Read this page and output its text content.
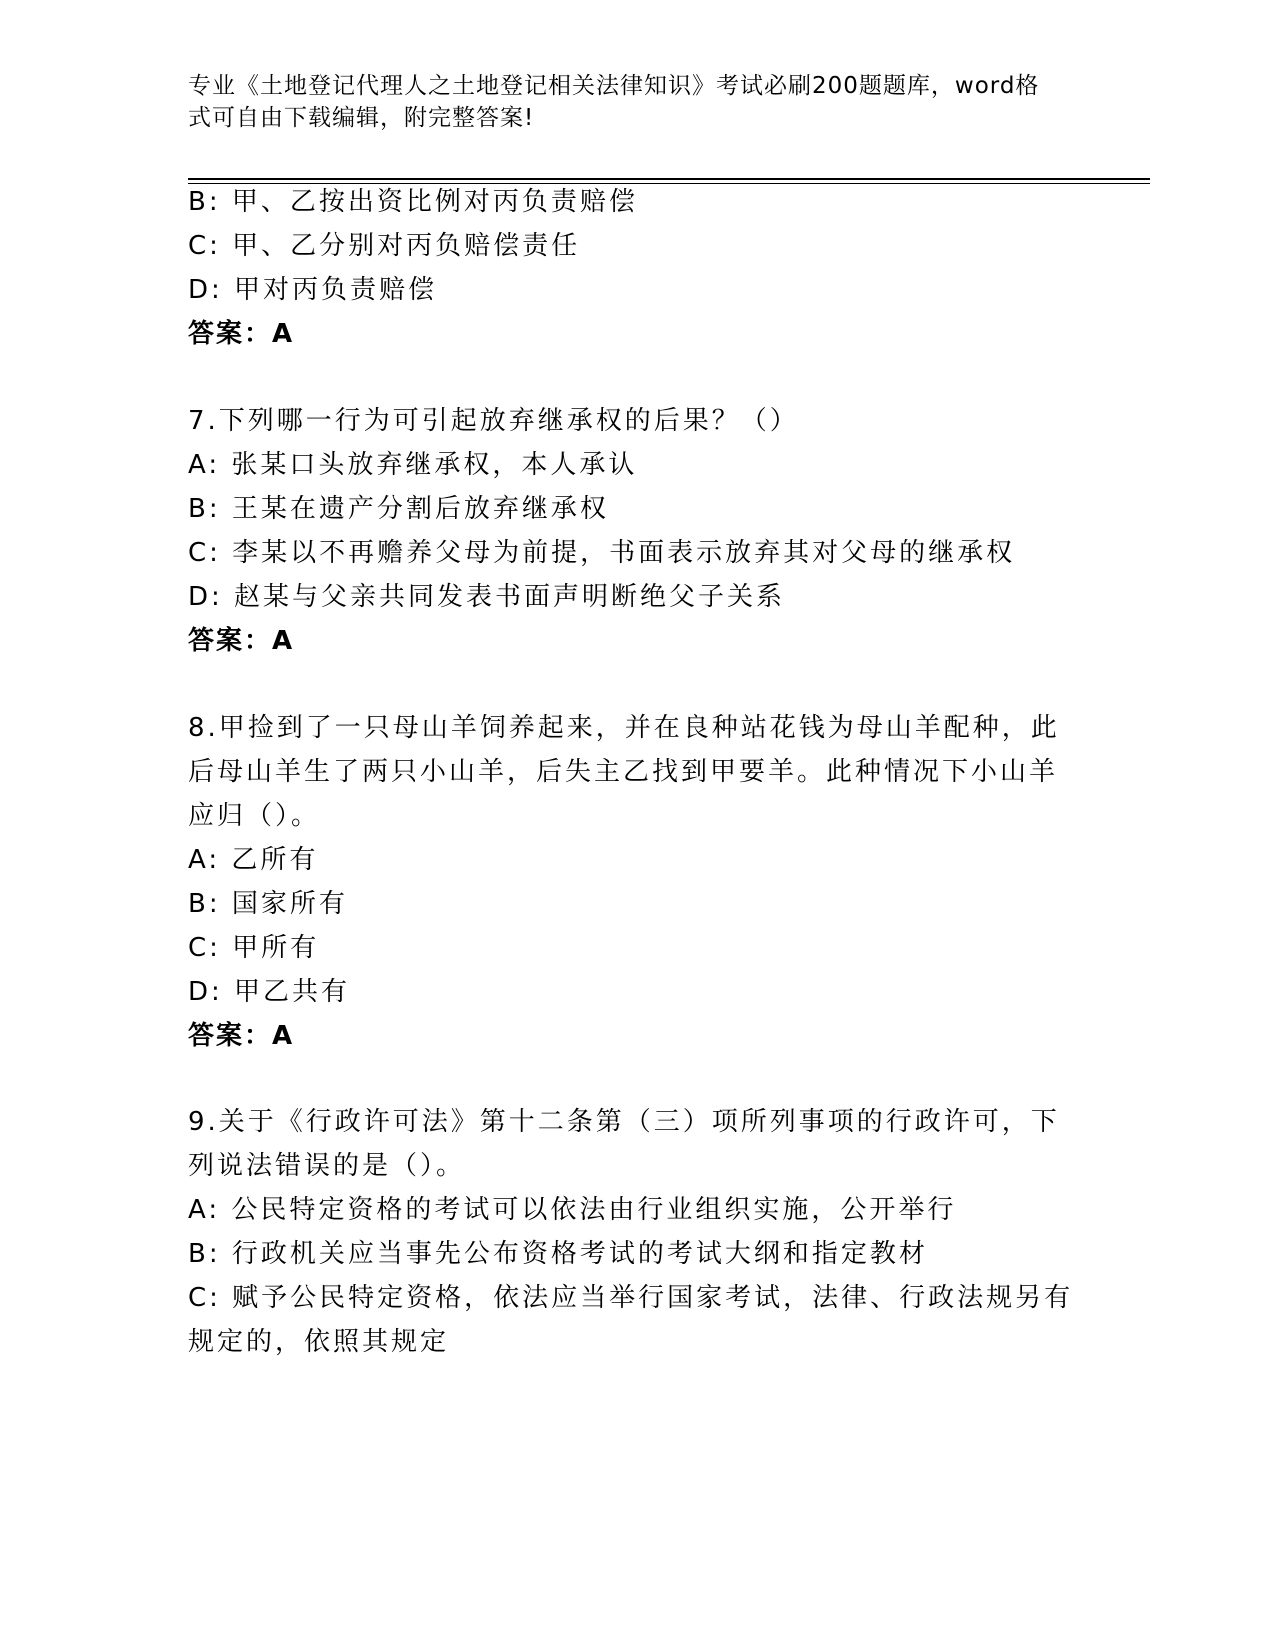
专业《土地登记代理人之土地登记相关法律知识》考试必刷200题题库，word格
式可自由下载编辑，附完整答案!
B: 甲、乙按出资比例对丙负责赔偿
C: 甲、乙分别对丙负赔偿责任
D: 甲对丙负责赔偿
答案：A
7.下列哪一行为可引起放弃继承权的后果？（）
A: 张某口头放弃继承权，本人承认
B: 王某在遗产分割后放弃继承权
C: 李某以不再赡养父母为前提，书面表示放弃其对父母的继承权
D: 赵某与父亲共同发表书面声明断绝父子关系
答案：A
8.甲捡到了一只母山羊饲养起来，并在良种站花钱为母山羊配种，此
后母山羊生了两只小山羊，后失主乙找到甲要羊。此种情况下小山羊
应归（）。
A: 乙所有
B: 国家所有
C: 甲所有
D: 甲乙共有
答案：A
9.关于《行政许可法》第十二条第（三）项所列事项的行政许可，下
列说法错误的是（）。
A: 公民特定资格的考试可以依法由行业组织实施，公开举行
B: 行政机关应当事先公布资格考试的考试大纲和指定教材
C: 赋予公民特定资格，依法应当举行国家考试，法律、行政法规另有
规定的，依照其规定
